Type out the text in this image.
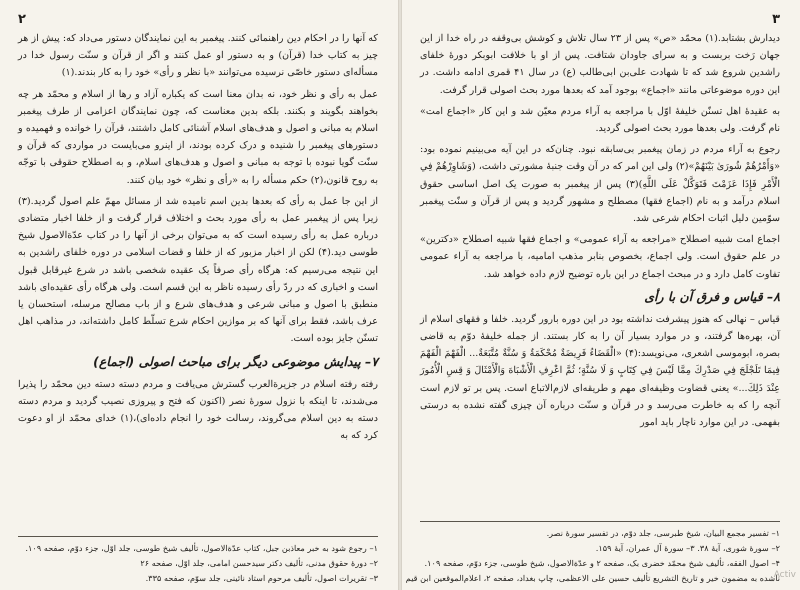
۲

که آنها را در احکام دین راهنمائی کنند. پیغمبر به این نمایندگان دستور می‌داد که: پیش از هر چیز به کتاب خدا (قرآن) و به دستور او عمل کنند و اگر از قرآن و سنّت رسول خدا در مسأله‌ای دستور خاصّی نرسیده می‌توانند «با نظر و رأی» خود را به کار بندند.(۱)

عمل به رأی و نظر خود، نه بدان معنا است که یکباره آزاد و رها از اسلام و محمّد هر چه بخواهند بگویند و بکنند. بلکه بدین معناست که، چون نمایندگان اعزامی از طرف پیغمبر اسلام به مبانی و اصول و هدف‌های اسلام آشنائی کامل داشتند، قرآن را خوانده و فهمیده و دستورهای پیغمبر را شنیده و درک کرده بودند، از اینرو می‌بایست در مواردی که قرآن و سنّت گویا نبوده با توجه به مبانی و اصول و هدف‌های اسلام، و به اصطلاح حقوقی با توجّه به روح قانون،(۲) حکم مسأله را به «رأی و نظر» خود بیان کنند.

از این جا عمل به رأی که بعدها بدین اسم نامیده شد از مسائل مهمّ علم اصول گردید.(۳) زیرا پس از پیغمبر عمل به رأی مورد بحث و اختلاف قرار گرفت و از خلفا اخبار متضادی درباره عمل به رأی رسیده است که به‌ می‌توان برخی از آنها را در کتاب عدّةالاصول شیخ طوسی دید.(۴) لکن از اخبار مزبور که از خلفا و قضات اسلامی در دوره خلفای راشدین به این نتیجه می‌رسیم که: هرگاه رأی صرفاً یک عقیده شخصی باشد در شرع غیرقابل قبول است و اخباری که در ردّ رأی رسیده ناظر به این قسم است. ولی هرگاه رأی عقیده‌ای باشد منطبق با اصول و مبانی شرعی و هدف‌های شرع و از باب مصالح مرسله، استحسان یا عرف باشد، فقط برای آنها که بر موازین احکام شرع تسلّط کامل داشته‌اند، در مذاهب اهل تسنّن جایز بوده است.

۷– پیدایش موضوعی دیگر برای مباحث اصولی (اجماع)

رفته رفته اسلام در جزیرة‌العرب گسترش می‌یافت و مردم دسته دسته دین محمّد را پذیرا می‌شدند، تا اینکه با نزول سورهٔ نصر (اکنون که فتح و پیروزی نصیب گردید و مردم دسته دسته به دین اسلام می‌گروند، رسالت خود را انجام داده‌ای)،(۱) خدای محمّد از او دعوت کرد که به

۱– رجوع شود به خبر معاذبن جبل، کتاب عدّةالاصول، تألیف شیخ طوسی، جلد اوّل، جزء دوّم، صفحه ۱۰۹.
۲– دورهٔ حقوق مدنی، تألیف دکتر سیدحسن امامی، جلد اوّل، صفحه ۲۶
۳– تقریرات اصول، تألیف مرحوم استاد نائینی، جلد سوّم، صفحه ۳۳۵.
۳

دیدارش بشتابد.(۱) محمّد «ص» پس از ۲۳ سال تلاش و کوشش بی‌وقفه در راه خدا از این جهان رَخت بربست و به سرای جاودان شتافت. پس از او با خلافت ابوبکر دورهٔ خلفای راشدین شروع شد که تا شهادت علی‌بن ابی‌طالب (ع) در سال ۴۱ قمری ادامه داشت. در این دوره موضوعاتی مانند «اجماع» بوجود آمد که بعدها مورد بحث اصولی قرار گرفت.

به عقیدهٔ اهل تسنّن خلیفهٔ اوّل با مراجعه به آراء مردم معیّن شد و این کار «اجماع امت» نام گرفت. ولی بعدها مورد بحث اصولی گردید.

رجوع به آراء مردم در زمان پیغمبر بی‌سابقه نبود. چنان‌که در این آیه می‌بینیم نموده بود: «وَأَمْرُهُمْ شُورَىٰ بَيْنَهُمْ»(۲) ولی این امر که در آن وقت جنبهٔ مشورتی داشت، (وَشَاوِرْهُمْ فِي الْأَمْرِ فَإِذَا عَزَمْتَ فَتَوَكَّلْ عَلَى اللَّهِ)(۳) پس از پیغمبر به صورت یک اصل اساسی حقوق اسلام درآمد و به نام (اجماع فقها) مصطلح و مشهور گردید و پس از قرآن و سنّت پیغمبر سوّمین دلیل اثبات احکام شرعی شد.

اجماع امت شبیه اصطلاح «مراجعه به آراء عمومی» و اجماع فقها شبیه اصطلاح «دکترین» در علم حقوق است. ولی اجماع، بخصوص بنابر مذهب امامیه، با مراجعه به آراء عمومی تفاوت کامل دارد و در مبحث اجماع در این باره توضیح لازم داده خواهد شد.

۸– قیاس و فرق آن با رأی

قیاس – نهالی که هنوز پیشرفت نداشته بود در این دوره بارور گردید. خلفا و فقهای اسلام از آن، بهره‌ها گرفتند، و در موارد بسیار آن را به کار بستند. از جمله خلیفهٔ دوّم به قاضی بصره، ابوموسی اشعری، می‌نویسد:(۴) «الْقَضَاءُ فَرِيضَةٌ مُحْكَمَةٌ وَ سُنَّةٌ مُتَّبَعَةٌ... الْفَهْمَ الْفَهْمَ فِيمَا تَلَجْلَجَ فِي صَدْرِكَ مِمَّا لَيْسَ فِي كِتَابٍ وَ لَا سُنَّةٍ؛ ثُمَّ اعْرِفِ الْأَشْبَاهَ وَالْأَمْثَالَ وَ قِسِ الْأُمُورَ عِنْدَ ذَلِكَ...» یعنی قضاوت وظیفه‌ای مهم و طریقه‌ای لازم‌الاتباع است. پس بر تو لازم است آنچه را که به خاطرت می‌رسد و در قرآن و سنّت درباره آن چیزی گفته نشده به درستی بفهمی. در این موارد ناچار باید امور

۱– تفسیر مجمع البیان، شیخ طبرسی، جلد دوّم، در تفسیر سورهٔ نصر.
۲– سورهٔ شوری، آیهٔ ۳۸. ۳– سورهٔ آل عمران، آیهٔ ۱۵۹.
۴– اصول الفقه، تألیف شیخ محمّد خضری بک، صفحه ۲ و عدّةالاصول، شیخ طوسی، جزء دوّم، صفحه ۱۰۹.
ناشده به مضمون خیر و تاریخ التشریع تألیف حسین علی الاعظمی، چاپ بغداد، صفحه ۲، اعلام‌الموقعین ابن قیم
Activ
